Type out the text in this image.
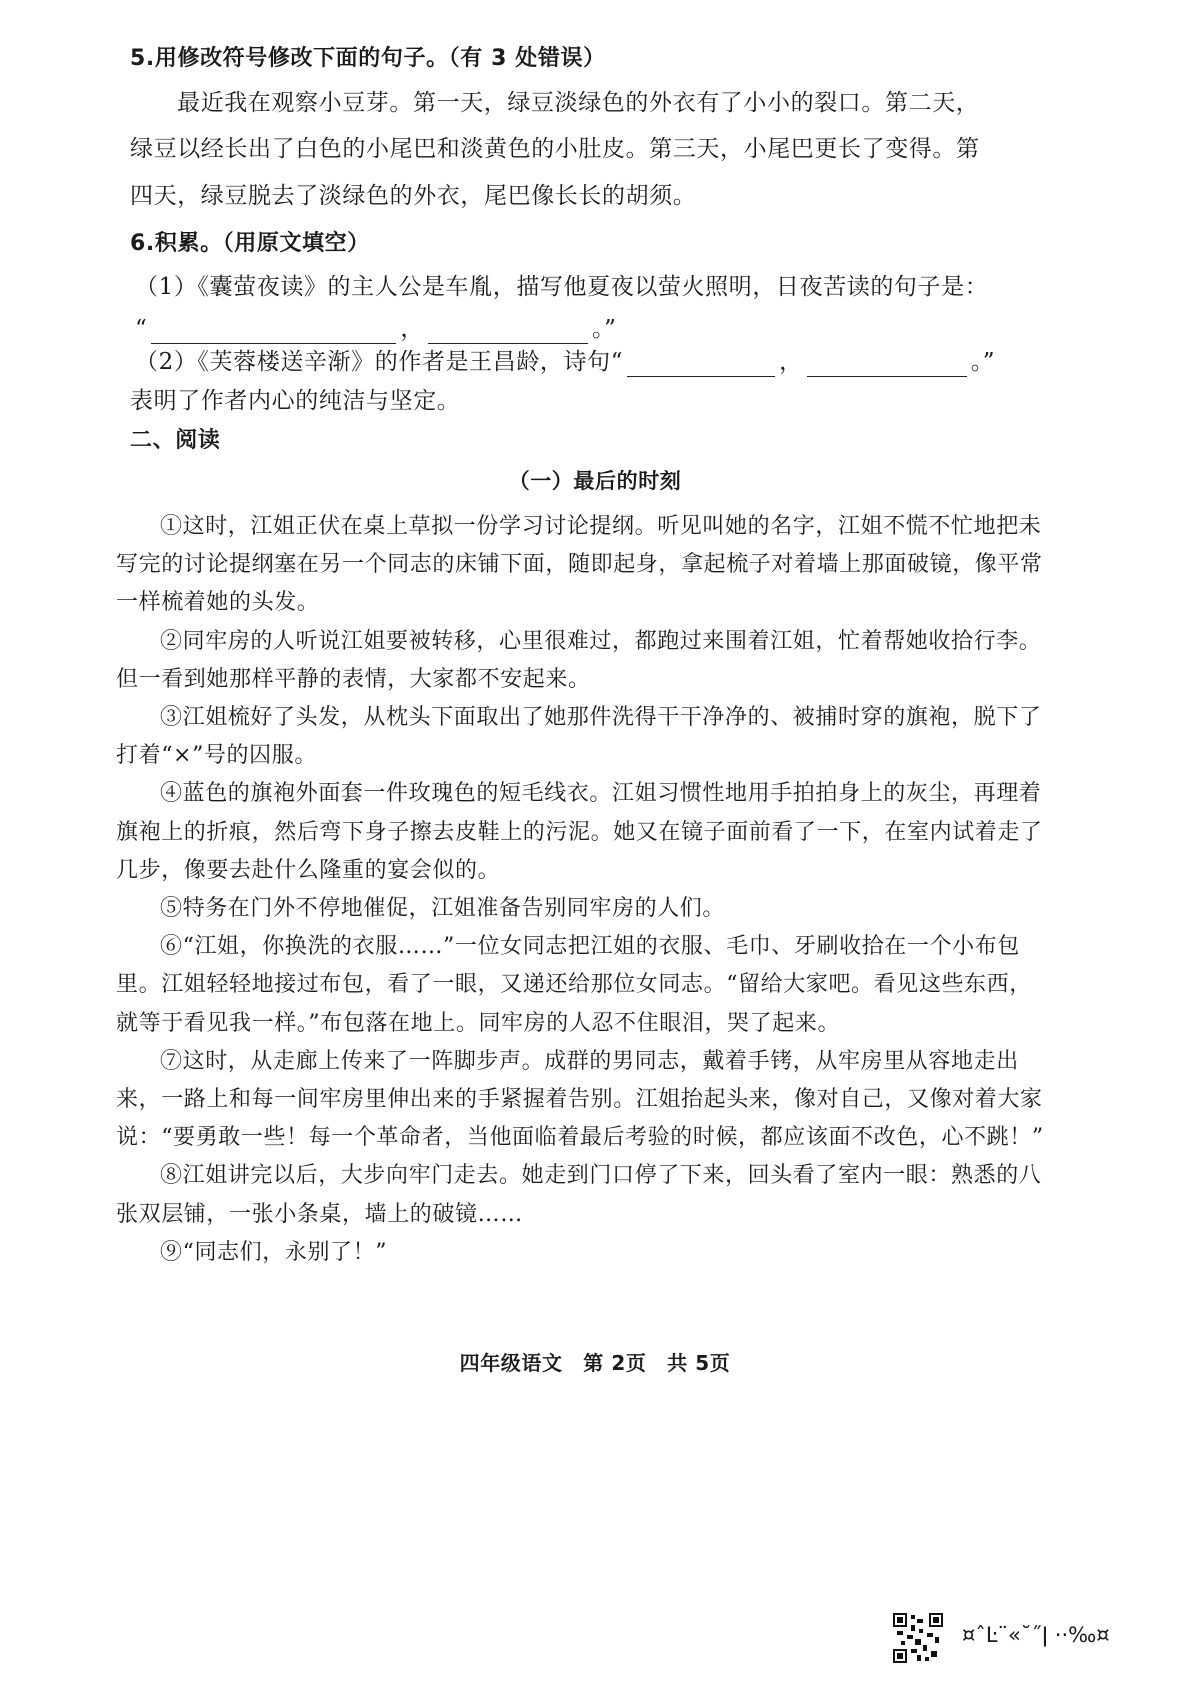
5.用修改符号修改下面的句子。（有 3 处错误）
最近我在观察小豆芽。第一天，绿豆淡绿色的外衣有了小小的裂口。第二天，
绿豆以经长出了白色的小尾巴和淡黄色的小肚皮。第三天，小尾巴更长了变得。第
四天，绿豆脱去了淡绿色的外衣，尾巴像长长的胡须。
6.积累。（用原文填空）
（1）《囊萤夜读》的主人公是车胤，描写他夏夜以萤火照明，日夜苦读的句子是：
“	，	。”
（2）《芙蓉楼送辛渐》的作者是王昌龄，诗句“	，	。”
表明了作者内心的纯洁与坚定。
二、阅读
（一）最后的时刻
①这时，江姐正伏在桌上草拟一份学习讨论提纲。听见叫她的名字，江姐不慌不忙地把未
写完的讨论提纲塞在另一个同志的床铺下面，随即起身，拿起梳子对着墙上那面破镜，像平常
一样梳着她的头发。
②同牢房的人听说江姐要被转移，心里很难过，都跑过来围着江姐，忙着帮她收拾行李。
但一看到她那样平静的表情，大家都不安起来。
③江姐梳好了头发，从枕头下面取出了她那件洗得干干净净的、被捕时穿的旗袍，脱下了
打着“×”号的囚服。
④蓝色的旗袍外面套一件玫瑰色的短毛线衣。江姐习惯性地用手拍拍身上的灰尘，再理着
旗袍上的折痕，然后弯下身子擦去皮鞋上的污泥。她又在镜子面前看了一下，在室内试着走了
几步，像要去赴什么隆重的宴会似的。
⑤特务在门外不停地催促，江姐准备告别同牢房的人们。
⑥“江姐，你换洗的衣服……”一位女同志把江姐的衣服、毛巾、牙刷收拾在一个小布包
里。江姐轻轻地接过布包，看了一眼，又递还给那位女同志。“留给大家吧。看见这些东西，
就等于看见我一样。”布包落在地上。同牢房的人忍不住眼泪，哭了起来。
⑦这时，从走廊上传来了一阵脚步声。成群的男同志，戴着手铐，从牢房里从容地走出
来，一路上和每一间牢房里伸出来的手紧握着告别。江姐抬起头来，像对自己，又像对着大家
说：“要勇敢一些！每一个革命者，当他面临着最后考验的时候，都应该面不改色，心不跳！”
⑧江姐讲完以后，大步向牢门走去。她走到门口停了下来，回头看了室内一眼：熟悉的八
张双层铺，一张小条桌，墙上的破镜……
⑨“同志们，永别了！”
四年级语文　第 2页　共 5页
¤ˆ﻿Ŀ¨«˘˝ǀ ··‰¤
